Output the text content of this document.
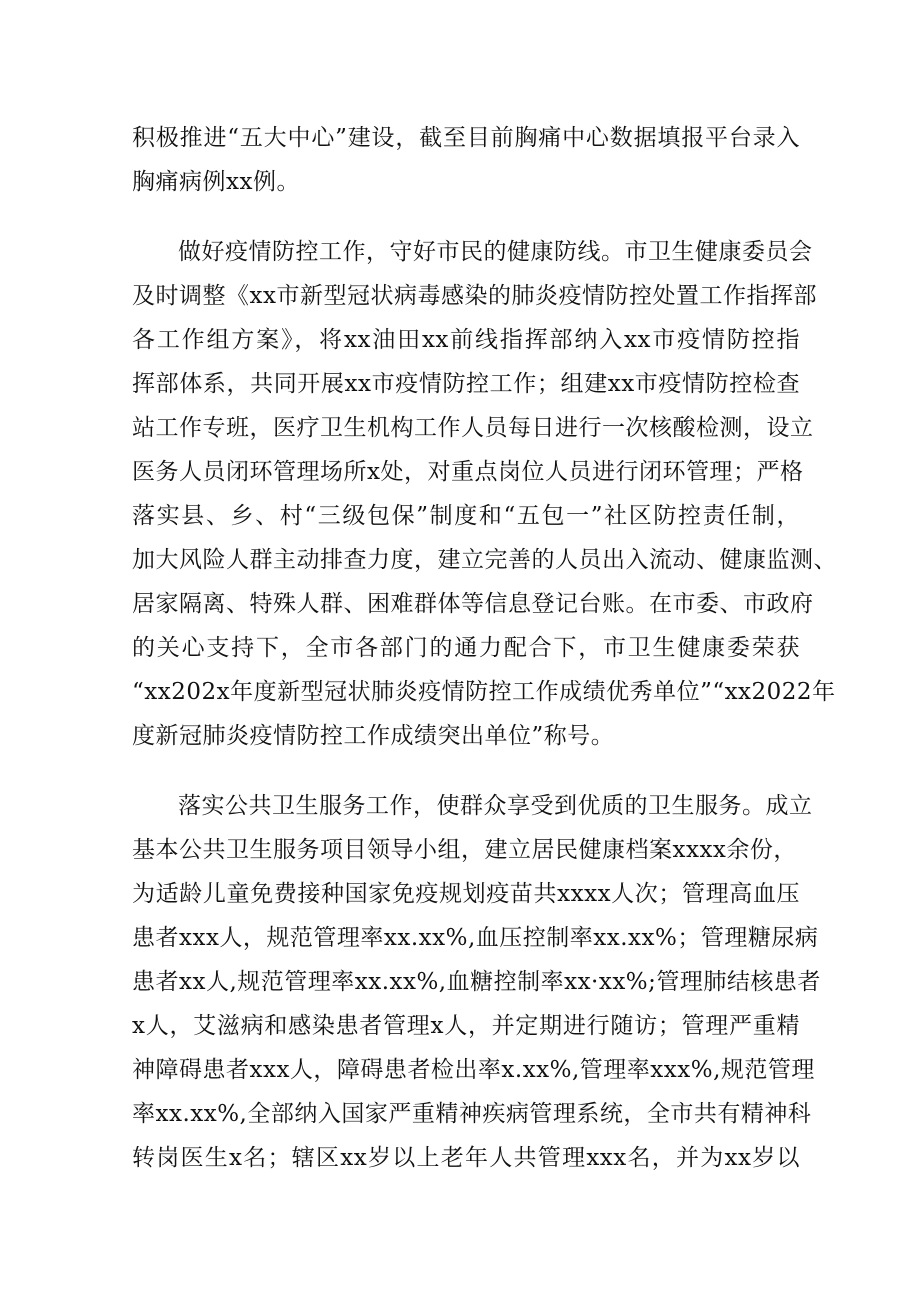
积极推进“五大中心”建设，截至目前胸痛中心数据填报平台录入
胸痛病例xx例。
做好疫情防控工作，守好市民的健康防线。市卫生健康委员会
及时调整《xx市新型冠状病毒感染的肺炎疫情防控处置工作指挥部
各工作组方案》，将xx油田xx前线指挥部纳入xx市疫情防控指
挥部体系，共同开展xx市疫情防控工作；组建xx市疫情防控检查
站工作专班，医疗卫生机构工作人员每日进行一次核酸检测，设立
医务人员闭环管理场所x处，对重点岗位人员进行闭环管理；严格
落实县、乡、村“三级包保”制度和“五包一”社区防控责任制，
加大风险人群主动排查力度，建立完善的人员出入流动、健康监测、
居家隔离、特殊人群、困难群体等信息登记台账。在市委、市政府
的关心支持下，全市各部门的通力配合下，市卫生健康委荣获
“xx202x年度新型冠状肺炎疫情防控工作成绩优秀单位”“xx2022年
度新冠肺炎疫情防控工作成绩突出单位”称号。
落实公共卫生服务工作，使群众享受到优质的卫生服务。成立
基本公共卫生服务项目领导小组，建立居民健康档案xxxx余份，
为适龄儿童免费接种国家免疫规划疫苗共xxxx人次；管理高血压
患者xxx人，规范管理率xx.xx%,血压控制率xx.xx%；管理糖尿病
患者xx人,规范管理率xx.xx%,血糖控制率xx·xx%;管理肺结核患者
x人，艾滋病和感染患者管理x人，并定期进行随访；管理严重精
神障碍患者xxx人，障碍患者检出率x.xx%,管理率xxx%,规范管理
率xx.xx%,全部纳入国家严重精神疾病管理系统，全市共有精神科
转岗医生x名；辖区xx岁以上老年人共管理xxx名，并为xx岁以
